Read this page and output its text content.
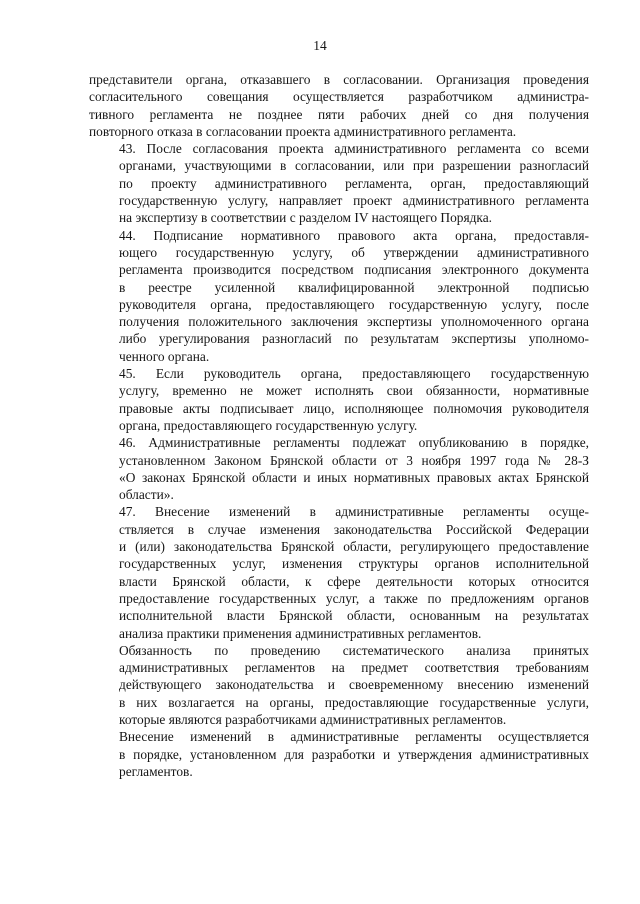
14

представители органа, отказавшего в согласовании. Организация проведения
согласительного совещания осуществляется разработчиком администра-
тивного регламента не позднее пяти рабочих дней со дня получения
повторного отказа в согласовании проекта административного регламента.

43. После согласования проекта административного регламента со всеми
органами, участвующими в согласовании, или при разрешении разногласий
по проекту административного регламента, орган, предоставляющий
государственную услугу, направляет проект административного регламента
на экспертизу в соответствии с разделом IV настоящего Порядка.

44. Подписание нормативного правового акта органа, предоставля-
ющего государственную услугу, об утверждении административного
регламента производится посредством подписания электронного документа
в реестре усиленной квалифицированной электронной подписью
руководителя органа, предоставляющего государственную услугу, после
получения положительного заключения экспертизы уполномоченного органа
либо урегулирования разногласий по результатам экспертизы уполномо-
ченного органа.

45. Если руководитель органа, предоставляющего государственную
услугу, временно не может исполнять свои обязанности, нормативные
правовые акты подписывает лицо, исполняющее полномочия руководителя
органа, предоставляющего государственную услугу.

46. Административные регламенты подлежат опубликованию в порядке,
установленном Законом Брянской области от 3 ноября 1997 года № 28-З
«О законах Брянской области и иных нормативных правовых актах Брянской
области».

47. Внесение изменений в административные регламенты осуще-
ствляется в случае изменения законодательства Российской Федерации
и (или) законодательства Брянской области, регулирующего предоставление
государственных услуг, изменения структуры органов исполнительной
власти Брянской области, к сфере деятельности которых относится
предоставление государственных услуг, а также по предложениям органов
исполнительной власти Брянской области, основанным на результатах
анализа практики применения административных регламентов.

Обязанность по проведению систематического анализа принятых
административных регламентов на предмет соответствия требованиям
действующего законодательства и своевременному внесению изменений
в них возлагается на органы, предоставляющие государственные услуги,
которые являются разработчиками административных регламентов.

Внесение изменений в административные регламенты осуществляется
в порядке, установленном для разработки и утверждения административных
регламентов.
